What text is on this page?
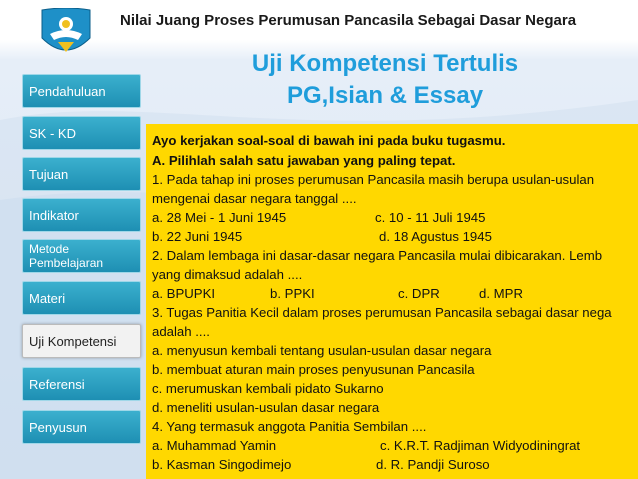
Nilai Juang Proses Perumusan Pancasila Sebagai Dasar Negara
Uji Kompetensi Tertulis
PG,Isian & Essay
Pendahuluan
SK - KD
Tujuan
Indikator
Metode
Pembelajaran
Materi
Uji Kompetensi
Referensi
Penyusun
Ayo kerjakan soal-soal di bawah ini pada buku tugasmu.
A. Pilihlah salah satu jawaban yang paling tepat.
1. Pada tahap ini proses perumusan Pancasila masih berupa usulan-usulan
mengenai dasar negara tanggal ....
a. 28 Mei - 1 Juni 1945	c. 10 - 11 Juli 1945
b. 22 Juni 1945	d. 18 Agustus 1945
2. Dalam lembaga ini dasar-dasar negara Pancasila mulai dibicarakan. Lemb
yang dimaksud adalah ....
a. BPUPKI	b. PPKI	c. DPR	d. MPR
3. Tugas Panitia Kecil dalam proses perumusan Pancasila sebagai dasar nega
adalah ....
a. menyusun kembali tentang usulan-usulan dasar negara
b. membuat aturan main proses penyusunan Pancasila
c. merumuskan kembali pidato Sukarno
d. meneliti usulan-usulan dasar negara
4. Yang termasuk anggota Panitia Sembilan ....
a. Muhammad Yamin	c. K.R.T. Radjiman Widyodiningrat
b. Kasman Singodimejo	d. R. Pandji Suroso
